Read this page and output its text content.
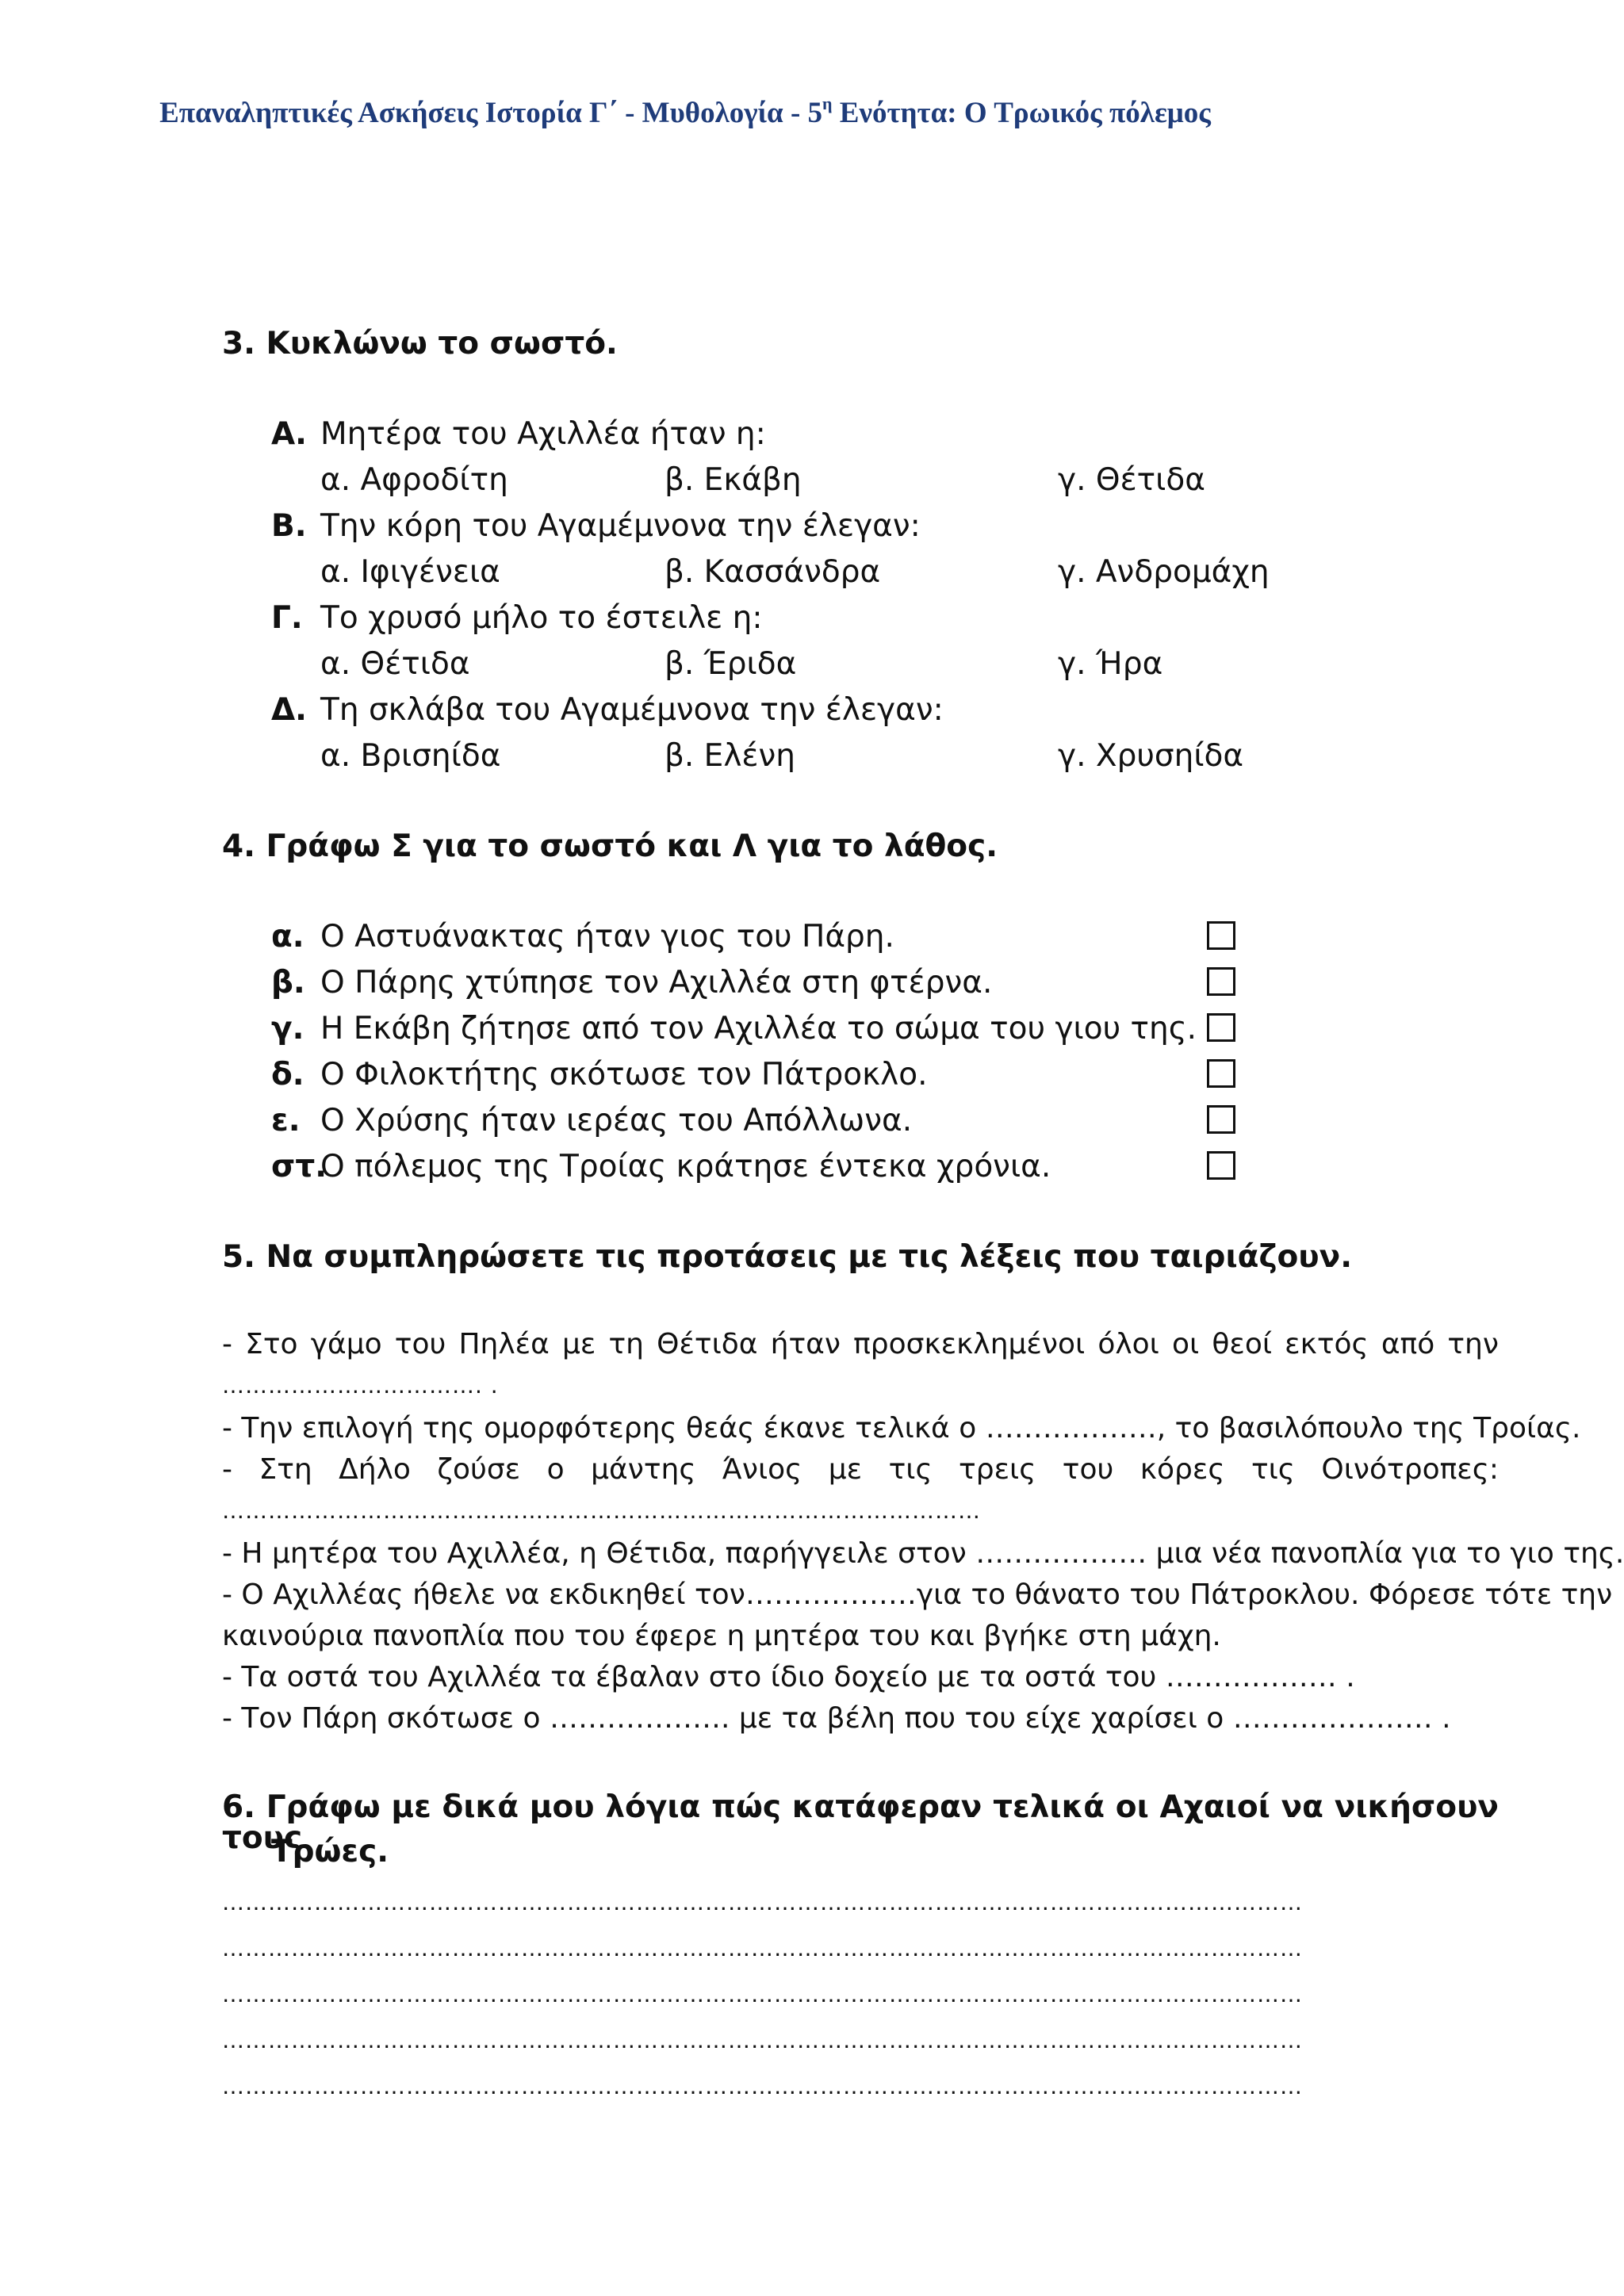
Επαναληπτικές Ασκήσεις Ιστορία Γ΄ - Μυθολογία - $5^\eta$ Ενότητα: Ο Τρωικός πόλεμος
3. Κυκλώνω το σωστό.
Α. Μητέρα του Αχιλλέα ήταν η:
α. Αφροδίτη	β. Εκάβη	γ. Θέτιδα
Β. Την κόρη του Αγαμέμνονα την έλεγαν:
α. Ιφιγένεια	β. Κασσάνδρα	γ. Ανδρομάχη
Γ. Το χρυσό μήλο το έστειλε η:
α. Θέτιδα	β. Έριδα	γ. Ήρα
Δ. Τη σκλάβα του Αγαμέμνονα την έλεγαν:
α. Βρισηίδα	β. Ελένη	γ. Χρυσηίδα
4. Γράφω Σ για το σωστό και Λ για το λάθος.
α. Ο Αστυάνακτας ήταν γιος του Πάρη.
β. Ο Πάρης χτύπησε τον Αχιλλέα στη φτέρνα.
γ. Η Εκάβη ζήτησε από τον Αχιλλέα το σώμα του γιου της.
δ. Ο Φιλοκτήτης σκότωσε τον Πάτροκλο.
ε. Ο Χρύσης ήταν ιερέας του Απόλλωνα.
στ.
Ο πόλεμος της Τροίας κράτησε έντεκα χρόνια.
5. Να συμπληρώσετε τις προτάσεις με τις λέξεις που ταιριάζουν.
- Στο γάμο του Πηλέα με τη Θέτιδα ήταν προσκεκλημένοι όλοι οι θεοί εκτός από την
……………………………. .
- Την επιλογή της ομορφότερης θεάς έκανε τελικά ο ………………, το βασιλόπουλο της Τροίας.
- Στη Δήλο ζούσε ο μάντης Άνιος με τις τρεις του κόρες τις Οινότροπες:
………………………………………………………………………………………
- Η μητέρα του Αχιλλέα, η Θέτιδα, παρήγγειλε στον ……………… μια νέα πανοπλία για το γιο της.
- Ο Αχιλλέας ήθελε να εκδικηθεί τον………………για το θάνατο του Πάτροκλου. Φόρεσε τότε την
καινούρια πανοπλία που του έφερε η μητέρα του και βγήκε στη μάχη.
- Τα οστά του Αχιλλέα τα έβαλαν στο ίδιο δοχείο με τα οστά του ……………… .
- Τον Πάρη σκότωσε ο ………………. με τα βέλη που του είχε χαρίσει ο ………………… .
6. Γράφω με δικά μου λόγια πώς κατάφεραν τελικά οι Αχαιοί να νικήσουν τους
Τρώες.
……………………………………………………………………………………………………………………………
……………………………………………………………………………………………………………………………
……………………………………………………………………………………………………………………………
……………………………………………………………………………………………………………………………
……………………………………………………………………………………………………………………………
